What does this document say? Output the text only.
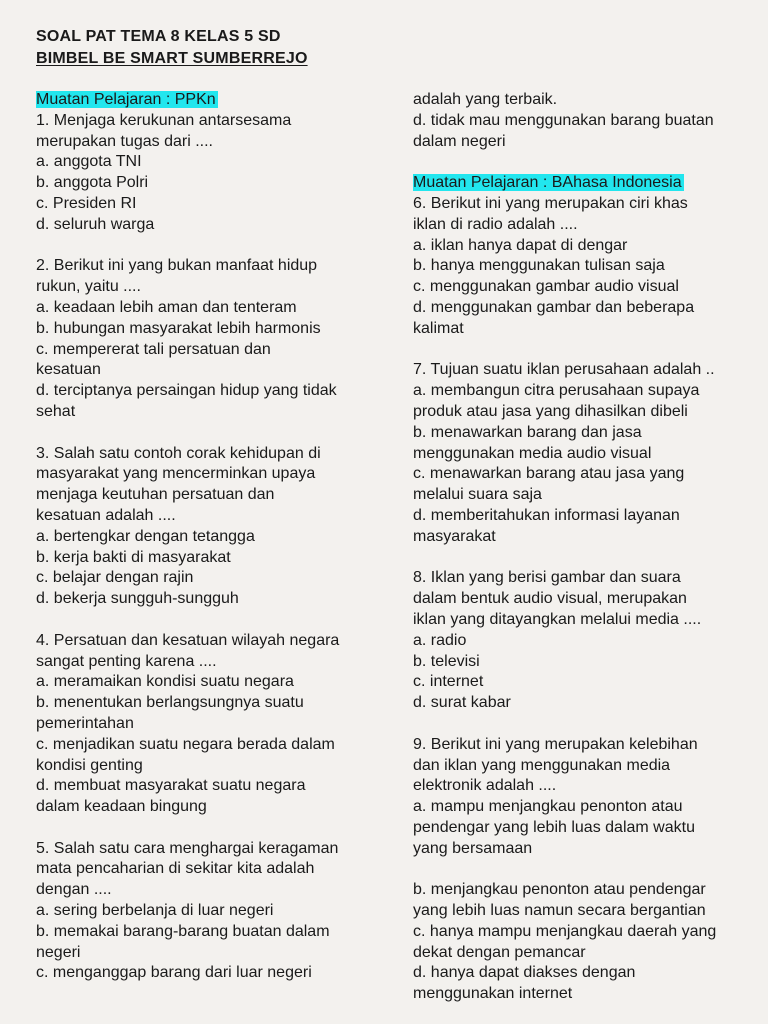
SOAL PAT TEMA 8 KELAS 5 SD
BIMBEL BE SMART SUMBERREJO
Muatan Pelajaran : PPKn
1. Menjaga kerukunan antarsesama
merupakan tugas dari ....
a. anggota TNI
b. anggota Polri
c. Presiden RI
d. seluruh warga
2. Berikut ini yang bukan manfaat hidup
rukun, yaitu ....
a. keadaan lebih aman dan tenteram
b. hubungan masyarakat lebih harmonis
c. mempererat tali persatuan dan
kesatuan
d. terciptanya persaingan hidup yang tidak
sehat
3. Salah satu contoh corak kehidupan di
masyarakat yang mencerminkan upaya
menjaga keutuhan persatuan dan
kesatuan adalah ....
a. bertengkar dengan tetangga
b. kerja bakti di masyarakat
c. belajar dengan rajin
d. bekerja sungguh-sungguh
4. Persatuan dan kesatuan wilayah negara
sangat penting karena ....
a. meramaikan kondisi suatu negara
b. menentukan berlangsungnya suatu
pemerintahan
c. menjadikan suatu negara berada dalam
kondisi genting
d. membuat masyarakat suatu negara
dalam keadaan bingung
5. Salah satu cara menghargai keragaman
mata pencaharian di sekitar kita adalah
dengan ....
a. sering berbelanja di luar negeri
b. memakai barang-barang buatan dalam
negeri
c. menganggap barang dari luar negeri
adalah yang terbaik.
d. tidak mau menggunakan barang buatan
dalam negeri
Muatan Pelajaran : BAhasa Indonesia
6. Berikut ini yang merupakan ciri khas
iklan di radio adalah ....
a. iklan hanya dapat di dengar
b. hanya menggunakan tulisan saja
c. menggunakan gambar audio visual
d. menggunakan gambar dan beberapa
kalimat
7. Tujuan suatu iklan perusahaan adalah ..
a. membangun citra perusahaan supaya
produk atau jasa yang dihasilkan dibeli
b. menawarkan barang dan jasa
menggunakan media audio visual
c. menawarkan barang atau jasa yang
melalui suara saja
d. memberitahukan informasi layanan
masyarakat
8. Iklan yang berisi gambar dan suara
dalam bentuk audio visual, merupakan
iklan yang ditayangkan melalui media ....
a. radio
b. televisi
c. internet
d. surat kabar
9. Berikut ini yang merupakan kelebihan
dan iklan yang menggunakan media
elektronik adalah ....
a. mampu menjangkau penonton atau
pendengar yang lebih luas dalam waktu
yang bersamaan
b. menjangkau penonton atau pendengar
yang lebih luas namun secara bergantian
c. hanya mampu menjangkau daerah yang
dekat dengan pemancar
d. hanya dapat diakses dengan
menggunakan internet
